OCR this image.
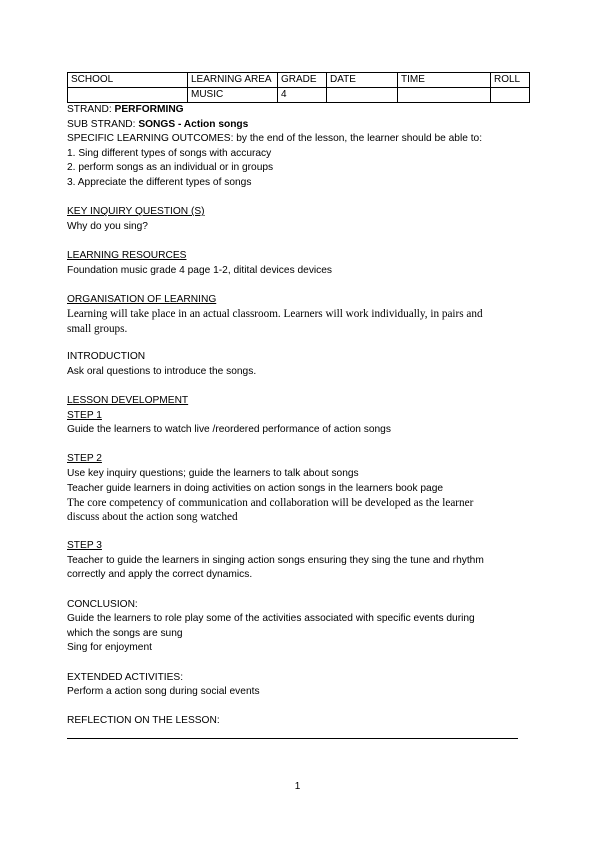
SCHOOL	LEARNING AREA	GRADE	DATE	TIME	ROLL
	MUSIC	4			

STRAND: PERFORMING

SUB STRAND: SONGS - Action songs

SPECIFIC LEARNING OUTCOMES: by the end of the lesson, the learner should be able to:

1. Sing different types of songs with accuracy

2. perform songs as an individual or in groups

3. Appreciate the different types of songs

KEY INQUIRY QUESTION (S)

Why do you sing?

LEARNING RESOURCES

Foundation music grade 4 page 1-2, ditital devices devices

ORGANISATION OF LEARNING

Learning will take place in an actual classroom. Learners will work individually, in pairs and

small groups.

INTRODUCTION

Ask oral questions to introduce the songs.

LESSON DEVELOPMENT

STEP 1

Guide the learners to watch live /reordered performance of action songs

STEP 2

Use key inquiry questions; guide the learners to talk about songs

Teacher guide learners in doing activities on action songs in the learners book page

The core competency of communication and collaboration will be developed as the learner

discuss about the action song watched

STEP 3

Teacher to guide the learners in singing action songs ensuring they sing the tune and rhythm

correctly and apply the correct dynamics.

CONCLUSION:

Guide the learners to role play some of the activities associated with specific events during

which the songs are sung

Sing for enjoyment

EXTENDED ACTIVITIES:

Perform a action song during social events

REFLECTION ON THE LESSON:

1
